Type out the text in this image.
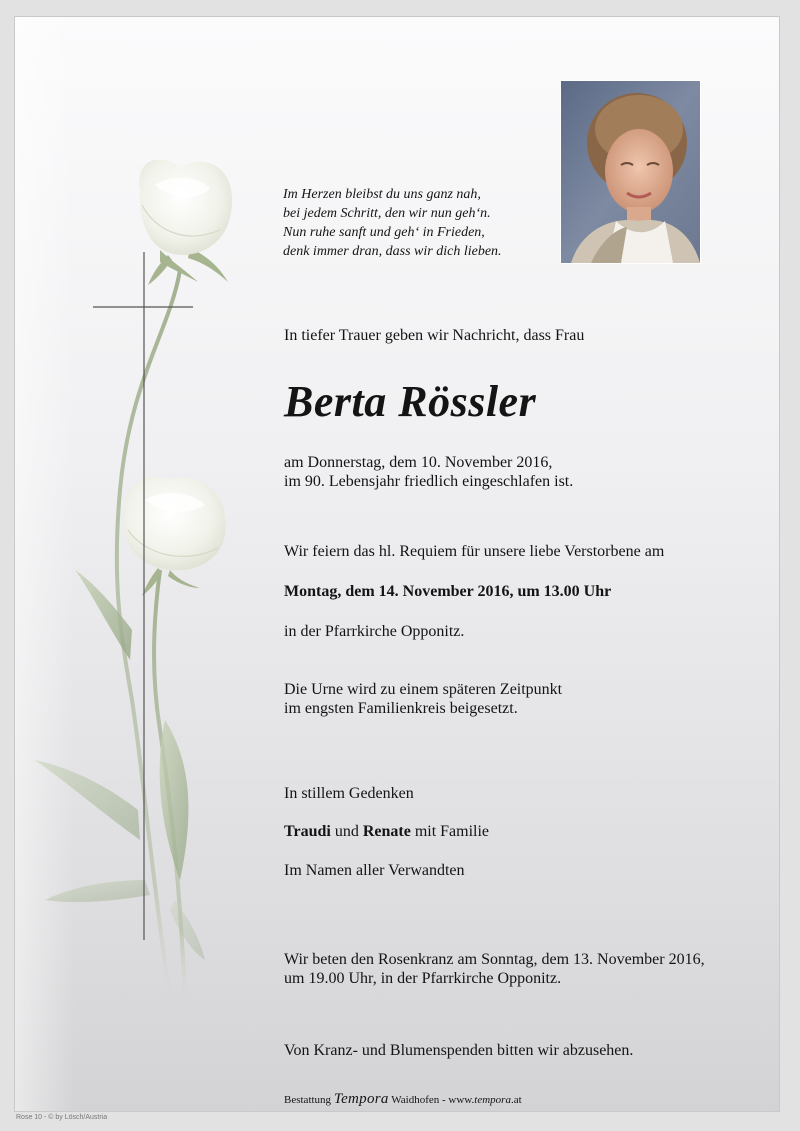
Im Herzen bleibst du uns ganz nah,
bei jedem Schritt, den wir nun geh‘n.
Nun ruhe sanft und geh‘ in Frieden,
denk immer dran, dass wir dich lieben.
In tiefer Trauer geben wir Nachricht, dass Frau
Berta Rössler
am Donnerstag, dem 10. November 2016,
im 90. Lebensjahr friedlich eingeschlafen ist.
Wir feiern das hl. Requiem für unsere liebe Verstorbene am
Montag, dem 14. November 2016, um 13.00 Uhr
in der Pfarrkirche Opponitz.
Die Urne wird zu einem späteren Zeitpunkt
im engsten Familienkreis beigesetzt.
In stillem Gedenken
Traudi und Renate mit Familie
Im Namen aller Verwandten
Wir beten den Rosenkranz am Sonntag, dem 13. November 2016,
um 19.00 Uhr, in der Pfarrkirche Opponitz.
Von Kranz- und Blumenspenden bitten wir abzusehen.
Bestattung Tempora Waidhofen - www.tempora.at
Rose 10 - © by Lösch/Austria
